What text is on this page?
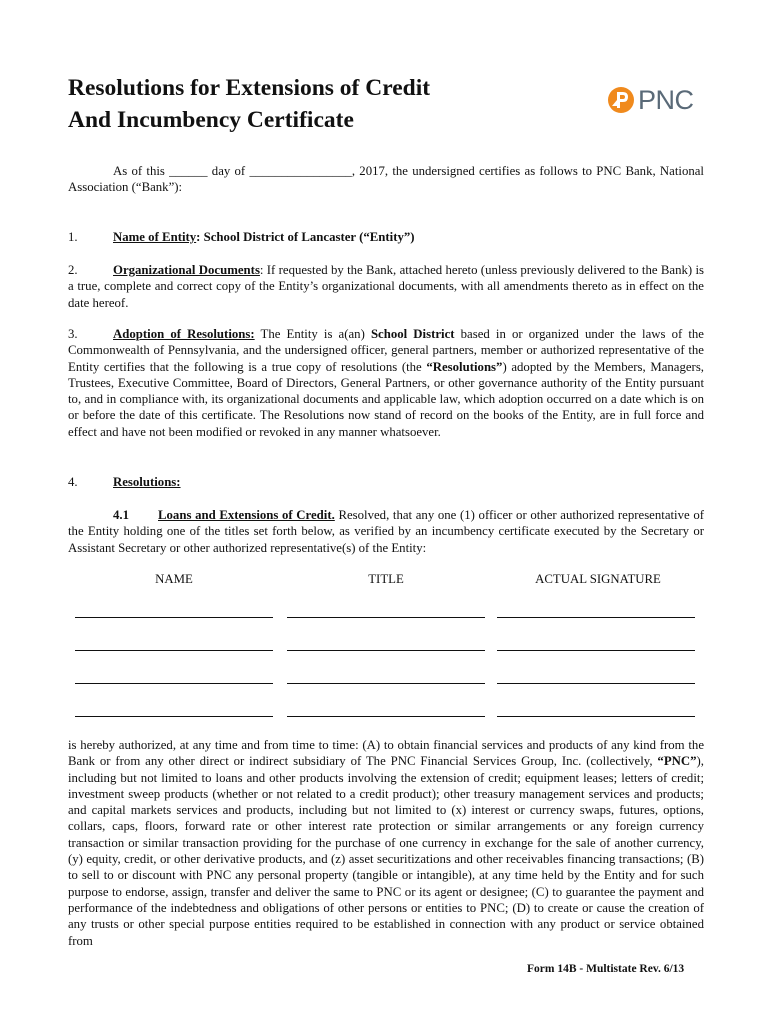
Resolutions for Extensions of Credit
And Incumbency Certificate
PNC

As of this ______ day of ________________, 2017, the undersigned certifies as follows to PNC Bank, National Association (“Bank”):

1.	Name of Entity: School District of Lancaster (“Entity”)

2.	Organizational Documents: If requested by the Bank, attached hereto (unless previously delivered to the Bank) is a true, complete and correct copy of the Entity’s organizational documents, with all amendments thereto as in effect on the date hereof.

3.	Adoption of Resolutions: The Entity is a(an) School District based in or organized under the laws of the Commonwealth of Pennsylvania, and the undersigned officer, general partners, member or authorized representative of the Entity certifies that the following is a true copy of resolutions (the “Resolutions”) adopted by the Members, Managers, Trustees, Executive Committee, Board of Directors, General Partners, or other governance authority of the Entity pursuant to, and in compliance with, its organizational documents and applicable law, which adoption occurred on a date which is on or before the date of this certificate. The Resolutions now stand of record on the books of the Entity, are in full force and effect and have not been modified or revoked in any manner whatsoever.

4.	Resolutions:

4.1 Loans and Extensions of Credit. Resolved, that any one (1) officer or other authorized representative of the Entity holding one of the titles set forth below, as verified by an incumbency certificate executed by the Secretary or Assistant Secretary or other authorized representative(s) of the Entity:

NAME	TITLE	ACTUAL SIGNATURE

is hereby authorized, at any time and from time to time: (A) to obtain financial services and products of any kind from the Bank or from any other direct or indirect subsidiary of The PNC Financial Services Group, Inc. (collectively, “PNC”), including but not limited to loans and other products involving the extension of credit; equipment leases; letters of credit; investment sweep products (whether or not related to a credit product); other treasury management services and products; and capital markets services and products, including but not limited to (x) interest or currency swaps, futures, options, collars, caps, floors, forward rate or other interest rate protection or similar arrangements or any foreign currency transaction or similar transaction providing for the purchase of one currency in exchange for the sale of another currency, (y) equity, credit, or other derivative products, and (z) asset securitizations and other receivables financing transactions; (B) to sell to or discount with PNC any personal property (tangible or intangible), at any time held by the Entity and for such purpose to endorse, assign, transfer and deliver the same to PNC or its agent or designee; (C) to guarantee the payment and performance of the indebtedness and obligations of other persons or entities to PNC; (D) to create or cause the creation of any trusts or other special purpose entities required to be established in connection with any product or service obtained from

Form 14B - Multistate Rev. 6/13
